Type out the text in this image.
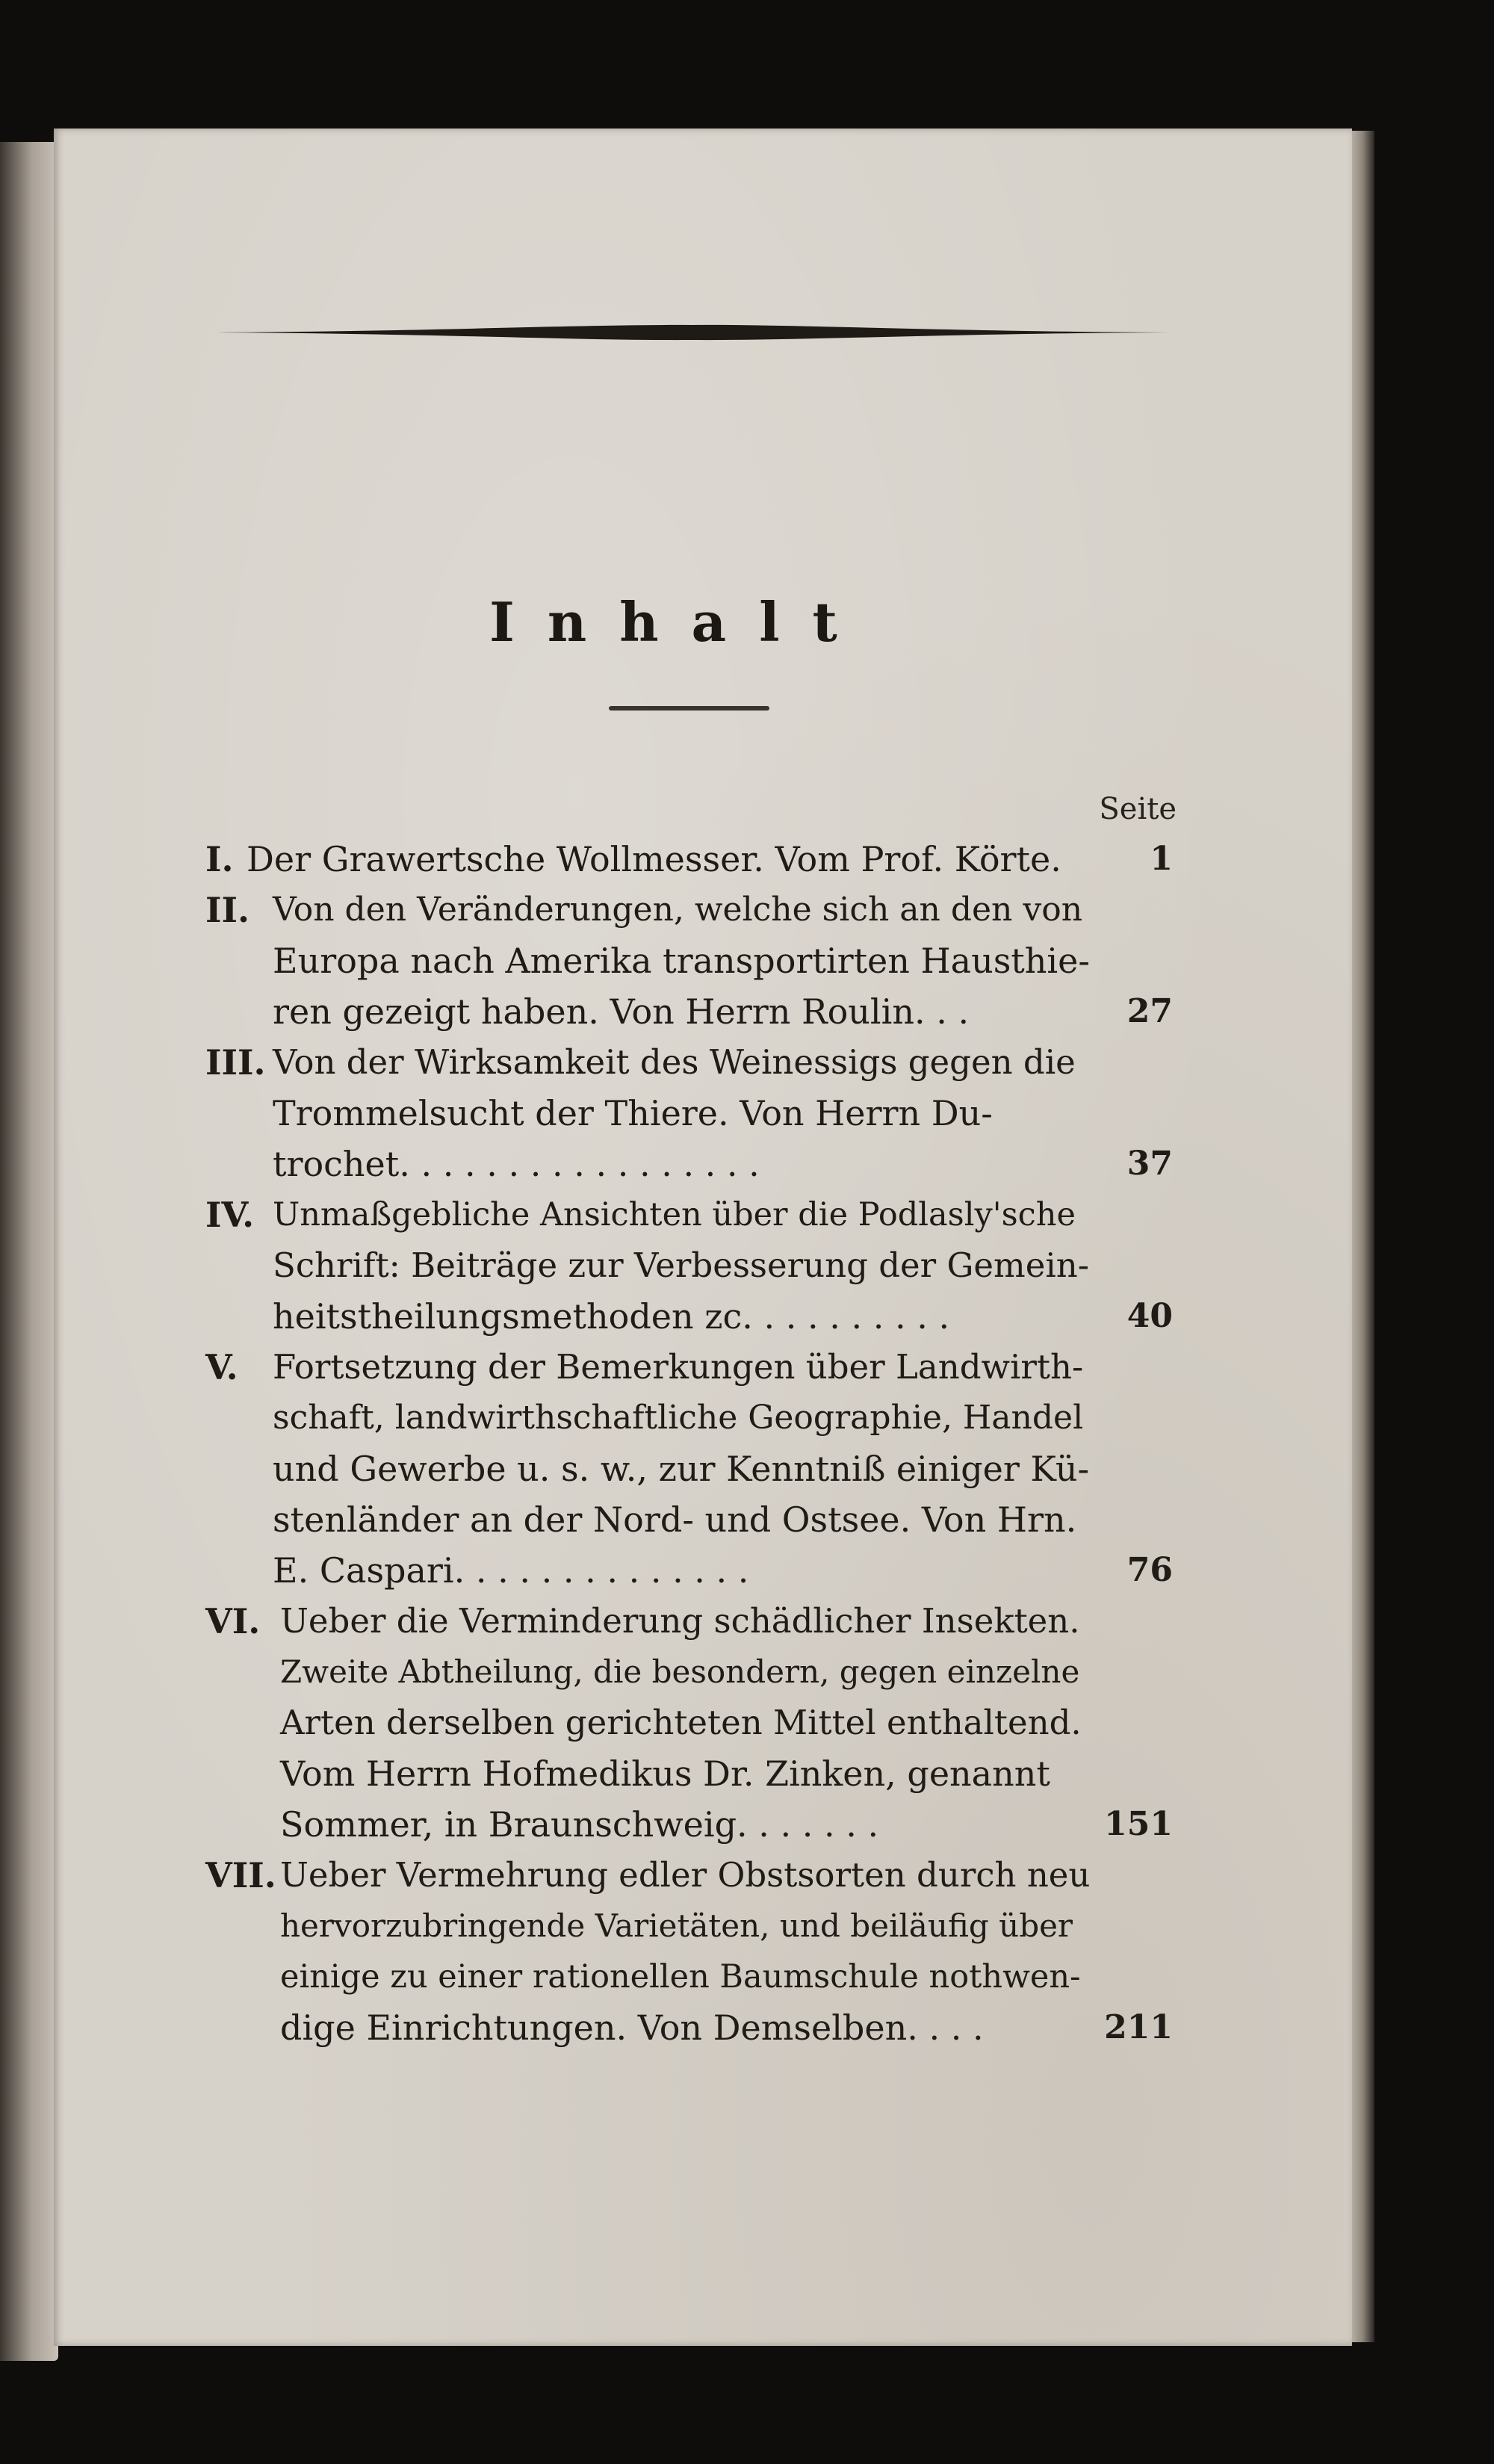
Inhalt
Seite
I. Der Grawertsche Wollmesser. Vom Prof. Körte.	1
II. Von den Veränderungen, welche sich an den von
Europa nach Amerika transportirten Hausthie-
ren gezeigt haben. Von Herrn Roulin. . .	27
III. Von der Wirksamkeit des Weinessigs gegen die
Trommelsucht der Thiere. Von Herrn Du-
trochet. . . . . . . . . . . . . . . . .	37
IV. Unmaßgebliche Ansichten über die Podlasly'sche
Schrift: Beiträge zur Verbesserung der Gemein-
heitstheilungsmethoden zc. . . . . . . . . .	40
V. Fortsetzung der Bemerkungen über Landwirth-
schaft, landwirthschaftliche Geographie, Handel
und Gewerbe u. s. w., zur Kenntniß einiger Kü-
stenländer an der Nord- und Ostsee. Von Hrn.
E. Caspari. . . . . . . . . . . . . .	76
VI. Ueber die Verminderung schädlicher Insekten.
Zweite Abtheilung, die besondern, gegen einzelne
Arten derselben gerichteten Mittel enthaltend.
Vom Herrn Hofmedikus Dr. Zinken, genannt
Sommer, in Braunschweig. . . . . . .	151
VII. Ueber Vermehrung edler Obstsorten durch neu
hervorzubringende Varietäten, und beiläufig über
einige zu einer rationellen Baumschule nothwen-
dige Einrichtungen. Von Demselben. . . .	211
